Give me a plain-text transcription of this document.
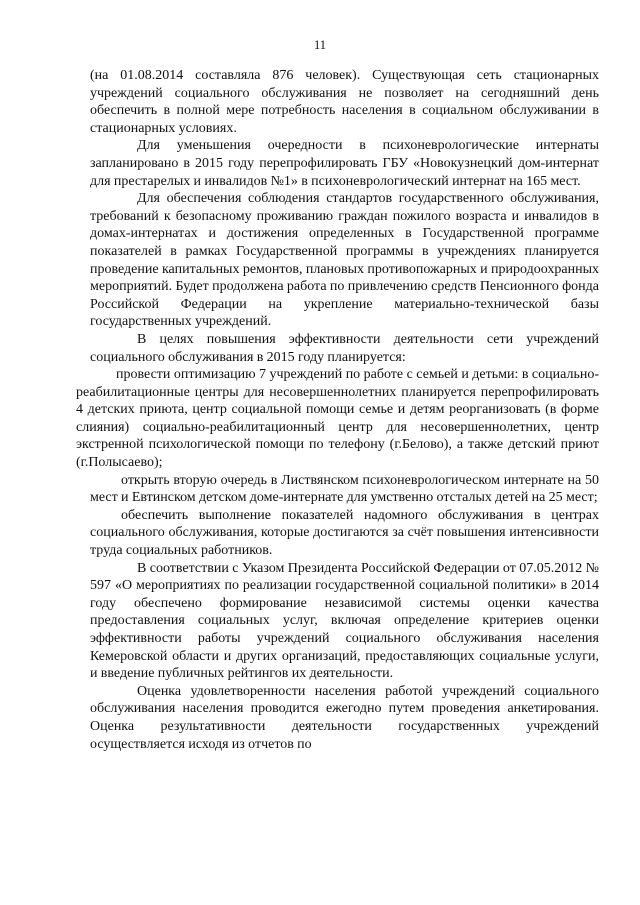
11

(на 01.08.2014 составляла 876 человек). Существующая сеть стационарных учреждений социального обслуживания не позволяет на сегодняшний день обеспечить в полной мере потребность населения в социальном обслуживании в стационарных условиях.

Для уменьшения очередности в психоневрологические интернаты запланировано в 2015 году перепрофилировать ГБУ «Новокузнецкий дом-интернат для престарелых и инвалидов №1» в психоневрологический интернат на 165 мест.

Для обеспечения соблюдения стандартов государственного обслуживания, требований к безопасному проживанию граждан пожилого возраста и инвалидов в домах-интернатах и достижения определенных в Государственной программе показателей в рамках Государственной программы в учреждениях планируется проведение капитальных ремонтов, плановых противопожарных и природоохранных мероприятий. Будет продолжена работа по привлечению средств Пенсионного фонда Российской Федерации на укрепление материально-технической базы государственных учреждений.

В целях повышения эффективности деятельности сети учреждений социального обслуживания в 2015 году планируется:

провести оптимизацию 7 учреждений по работе с семьей и детьми: в социально-реабилитационные центры для несовершеннолетних планируется перепрофилировать 4 детских приюта, центр социальной помощи семье и детям реорганизовать (в форме слияния) социально-реабилитационный центр для несовершеннолетних, центр экстренной психологической помощи по телефону (г.Белово), а также детский приют (г.Полысаево);

открыть вторую очередь в Листвянском психоневрологическом интернате на 50 мест и Евтинском детском доме-интернате для умственно отсталых детей на 25 мест;

обеспечить выполнение показателей надомного обслуживания в центрах социального обслуживания, которые достигаются за счёт повышения интенсивности труда социальных работников.

В соответствии с Указом Президента Российской Федерации от 07.05.2012 № 597 «О мероприятиях по реализации государственной социальной политики» в 2014 году обеспечено формирование независимой системы оценки качества предоставления социальных услуг, включая определение критериев оценки эффективности работы учреждений социального обслуживания населения Кемеровской области и других организаций, предоставляющих социальные услуги, и введение публичных рейтингов их деятельности.

Оценка удовлетворенности населения работой учреждений социального обслуживания населения проводится ежегодно путем проведения анкетирования. Оценка результативности деятельности государственных учреждений осуществляется исходя из отчетов по
